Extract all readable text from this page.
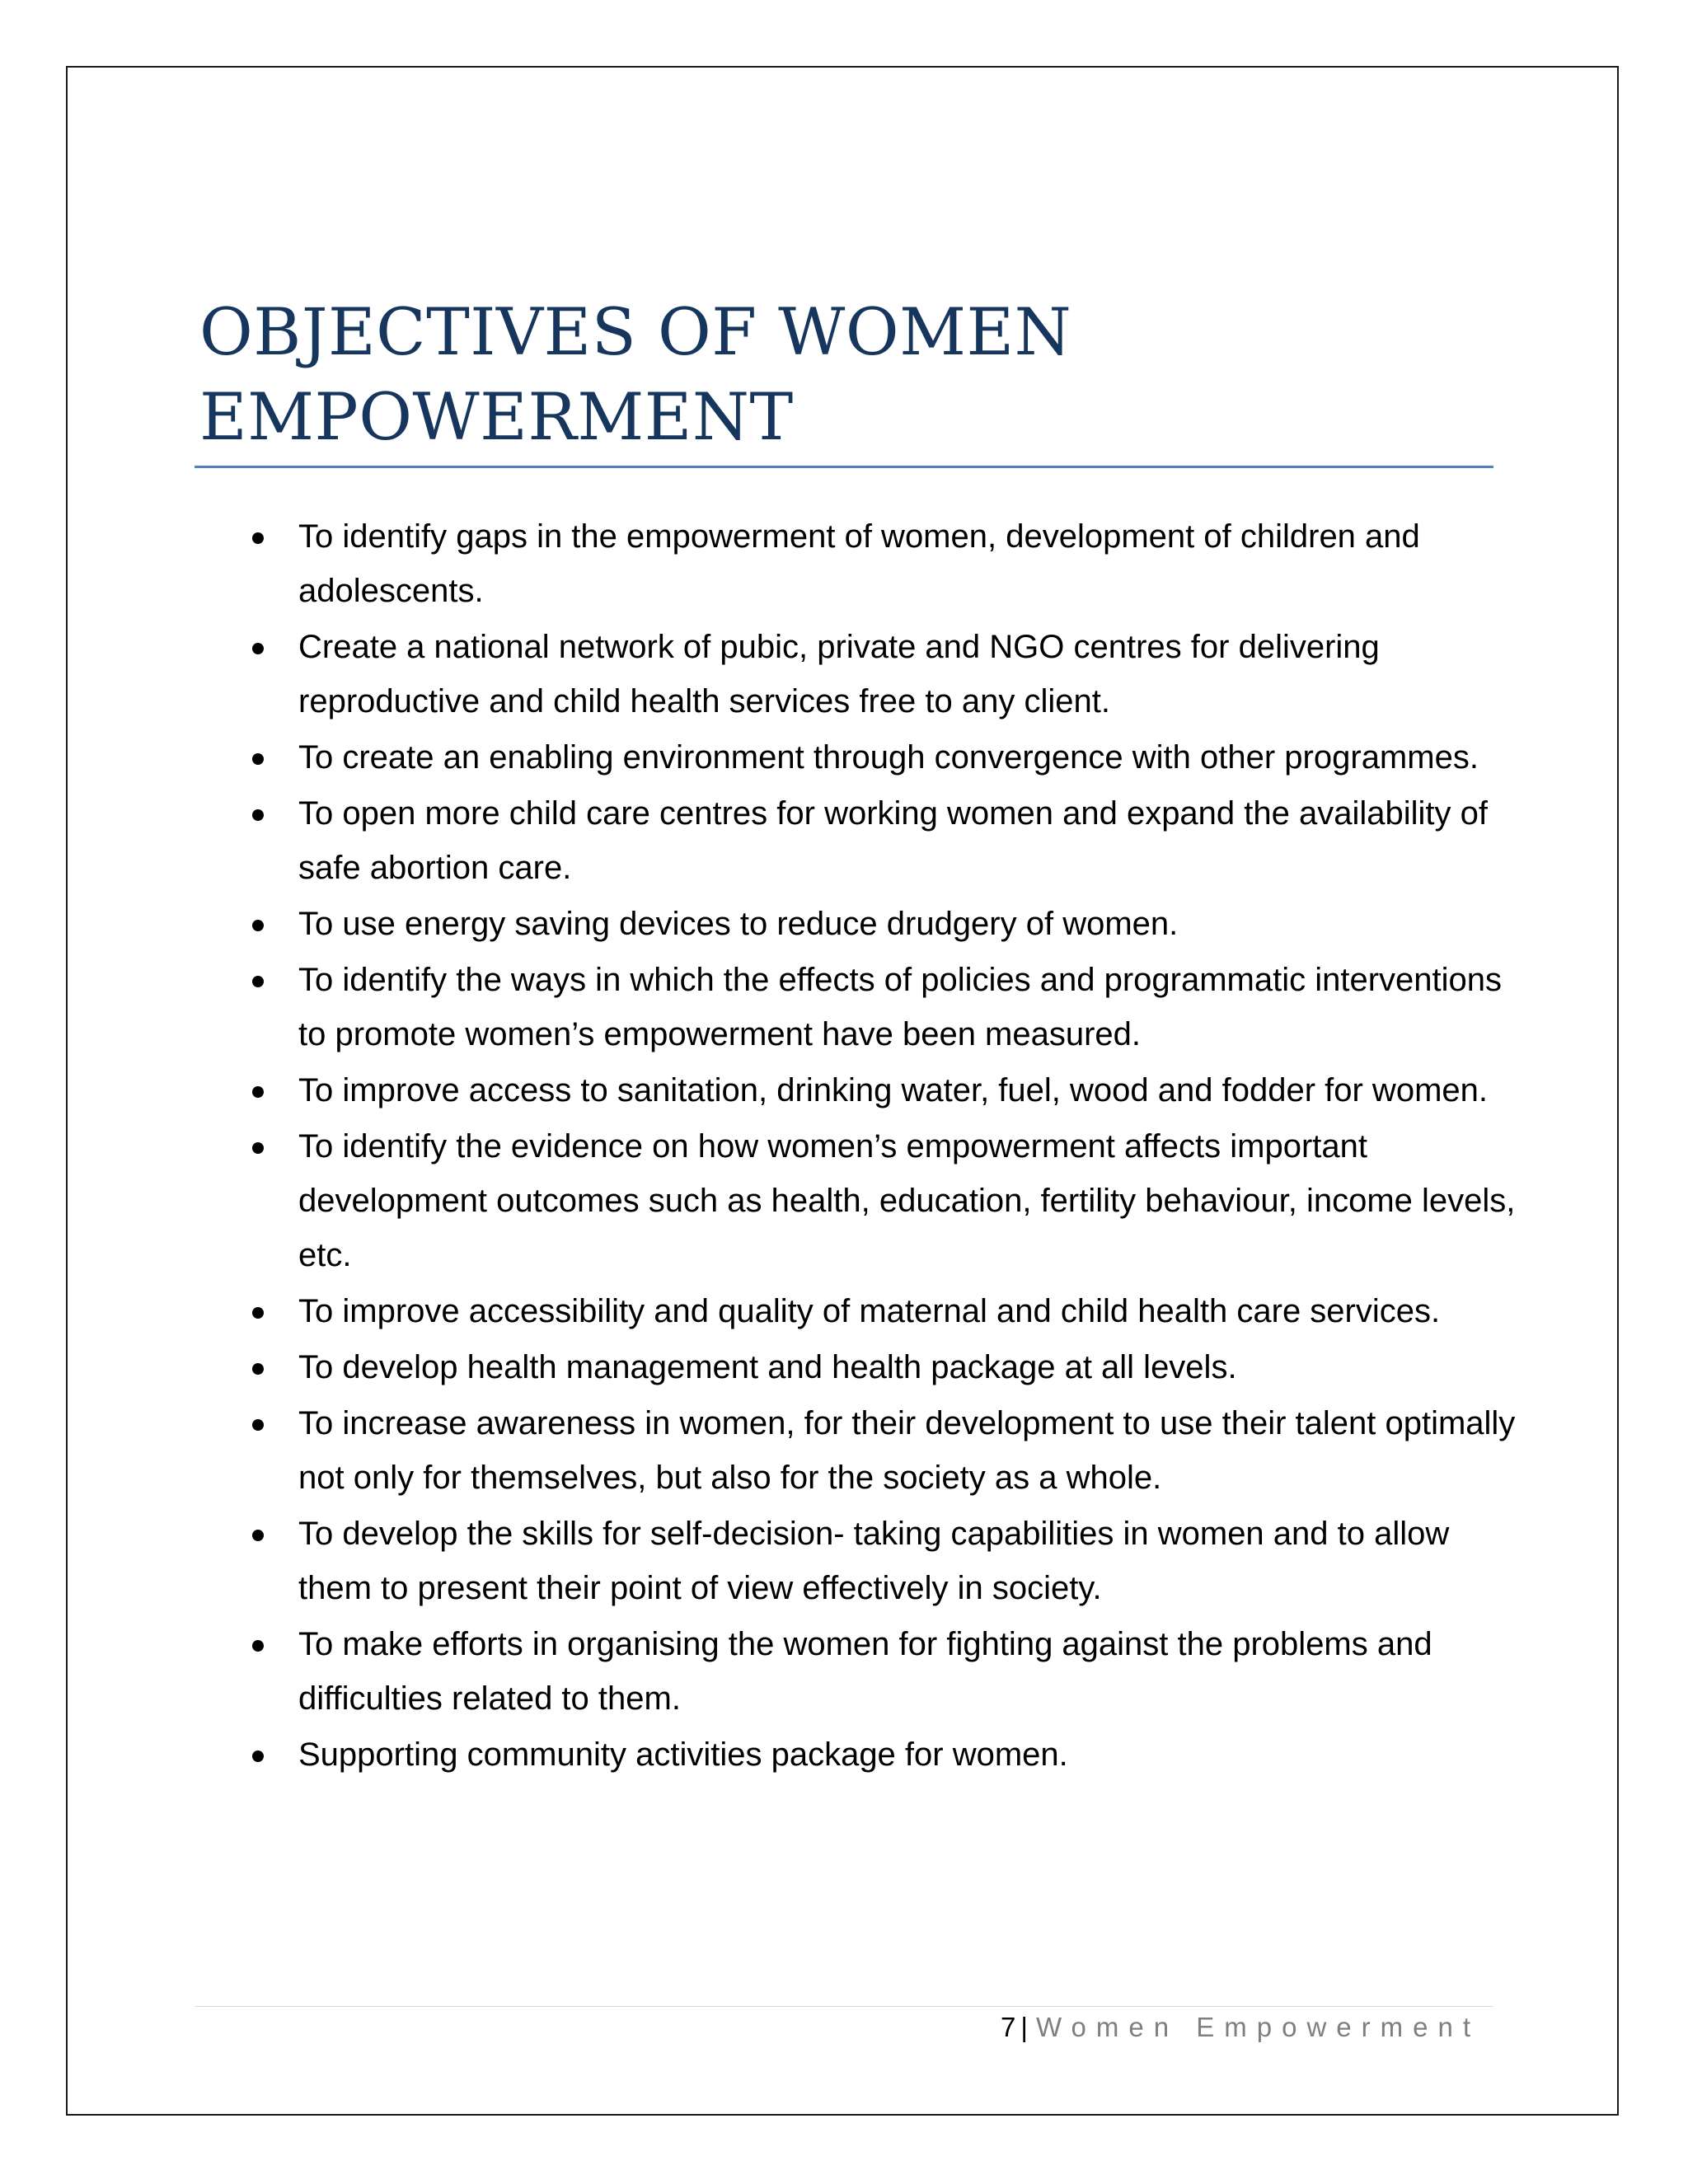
OBJECTIVES OF WOMEN
EMPOWERMENT
To identify gaps in the empowerment of women, development of children and adolescents.
Create a national network of pubic, private and NGO centres for delivering reproductive and child health services free to any client.
To create an enabling environment through convergence with other programmes.
To open more child care centres for working women and expand the availability of safe abortion care.
To use energy saving devices to reduce drudgery of women.
To identify the ways in which the effects of policies and programmatic interventions to promote women’s empowerment have been measured.
To improve access to sanitation, drinking water, fuel, wood and fodder for women.
To identify the evidence on how women’s empowerment affects important development outcomes such as health, education, fertility behaviour, income levels, etc.
To improve accessibility and quality of maternal and child health care services.
To develop health management and health package at all levels.
To increase awareness in women, for their development to use their talent optimally not only for themselves, but also for the society as a whole.
To develop the skills for self-decision- taking capabilities in women and to allow them to present their point of view effectively in society.
To make efforts in organising the women for fighting against the problems and difficulties related to them.
Supporting community activities package for women.
7 | Women Empowerment
